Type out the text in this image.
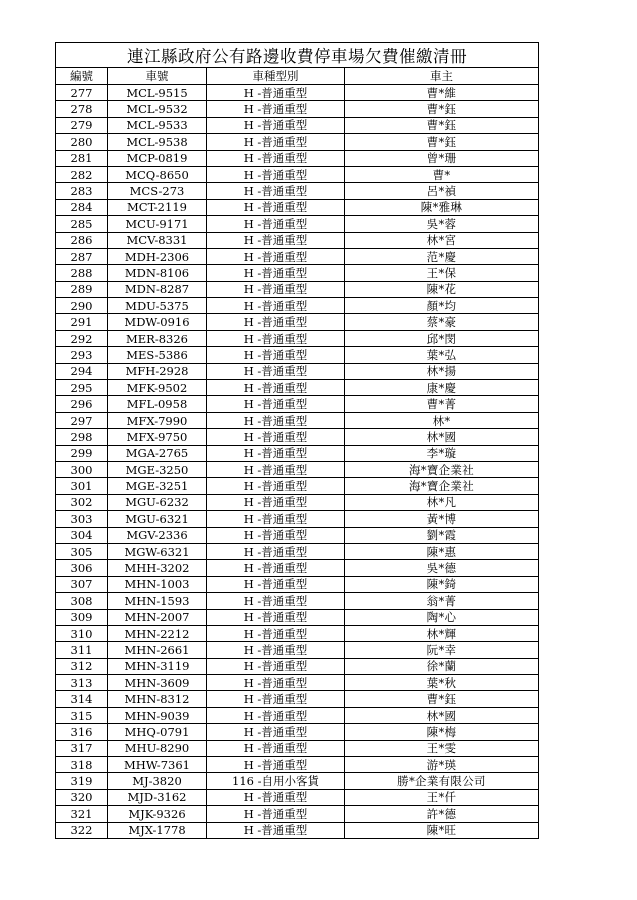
連江縣政府公有路邊收費停車場欠費催繳清冊			
編號	車號	車種型別	車主
277	MCL-9515	H -普通重型	曹*維
278	MCL-9532	H -普通重型	曹*鈺
279	MCL-9533	H -普通重型	曹*鈺
280	MCL-9538	H -普通重型	曹*鈺
281	MCP-0819	H -普通重型	曾*珊
282	MCQ-8650	H -普通重型	曹*
283	MCS-273	H -普通重型	呂*禎
284	MCT-2119	H -普通重型	陳*雅琳
285	MCU-9171	H -普通重型	吳*蓉
286	MCV-8331	H -普通重型	林*宮
287	MDH-2306	H -普通重型	范*慶
288	MDN-8106	H -普通重型	王*保
289	MDN-8287	H -普通重型	陳*花
290	MDU-5375	H -普通重型	顏*均
291	MDW-0916	H -普通重型	蔡*豪
292	MER-8326	H -普通重型	邱*閔
293	MES-5386	H -普通重型	葉*弘
294	MFH-2928	H -普通重型	林*揚
295	MFK-9502	H -普通重型	康*慶
296	MFL-0958	H -普通重型	曹*菁
297	MFX-7990	H -普通重型	林*
298	MFX-9750	H -普通重型	林*國
299	MGA-2765	H -普通重型	李*璇
300	MGE-3250	H -普通重型	海*寶企業社
301	MGE-3251	H -普通重型	海*寶企業社
302	MGU-6232	H -普通重型	林*凡
303	MGU-6321	H -普通重型	黃*博
304	MGV-2336	H -普通重型	劉*霞
305	MGW-6321	H -普通重型	陳*惠
306	MHH-3202	H -普通重型	吳*德
307	MHN-1003	H -普通重型	陳*錡
308	MHN-1593	H -普通重型	翁*菁
309	MHN-2007	H -普通重型	陶*心
310	MHN-2212	H -普通重型	林*輝
311	MHN-2661	H -普通重型	阮*幸
312	MHN-3119	H -普通重型	徐*蘭
313	MHN-3609	H -普通重型	葉*秋
314	MHN-8312	H -普通重型	曹*鈺
315	MHN-9039	H -普通重型	林*國
316	MHQ-0791	H -普通重型	陳*梅
317	MHU-8290	H -普通重型	王*雯
318	MHW-7361	H -普通重型	游*瑛
319	MJ-3820	116 -自用小客貨	勝*企業有限公司
320	MJD-3162	H -普通重型	王*仟
321	MJK-9326	H -普通重型	許*德
322	MJX-1778	H -普通重型	陳*旺
